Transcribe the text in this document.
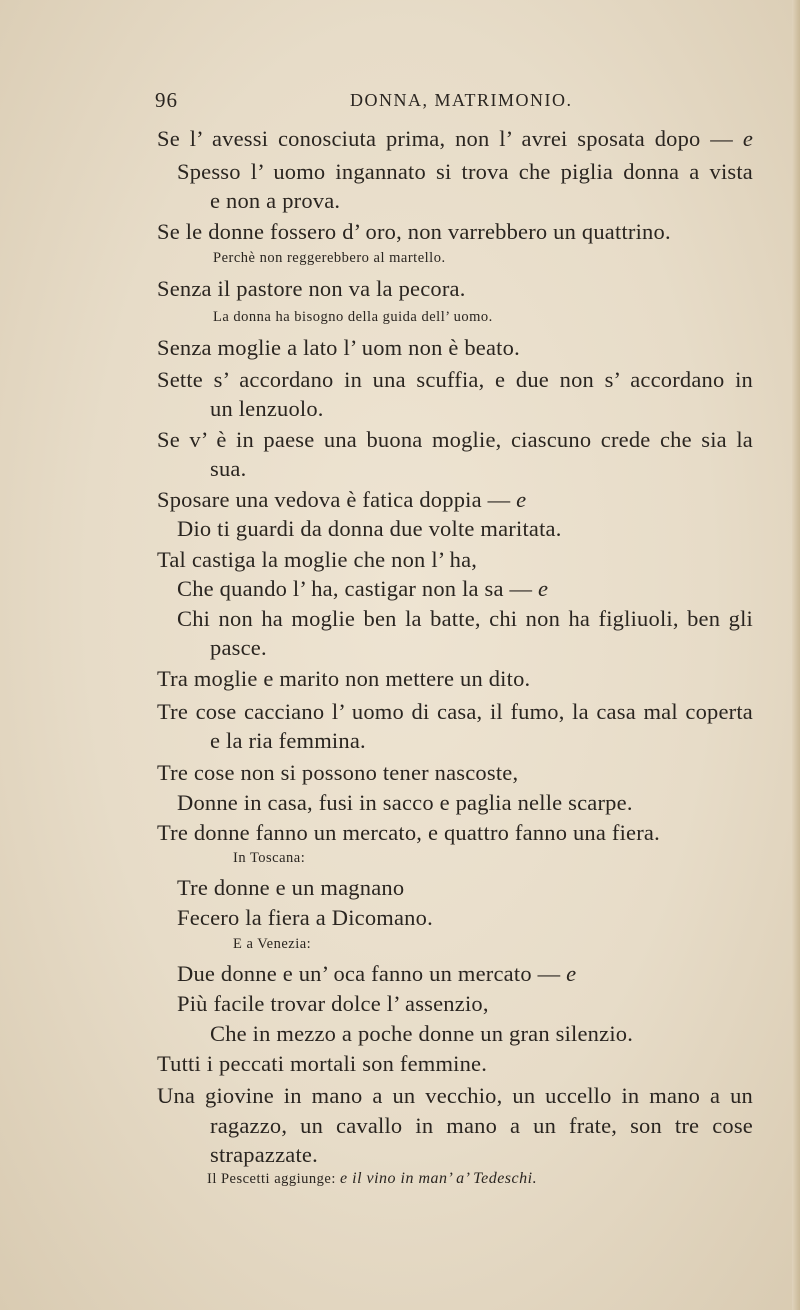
96	DONNA, MATRIMONIO.
Se l’ avessi conosciuta prima, non l’ avrei sposata dopo — e
Spesso l’ uomo ingannato si trova che piglia donna a vista
e non a prova.
Se le donne fossero d’ oro, non varrebbero un quattrino.
Perchè non reggerebbero al martello.
Senza il pastore non va la pecora.
La donna ha bisogno della guida dell’ uomo.
Senza moglie a lato l’ uom non è beato.
Sette s’ accordano in una scuffia, e due non s’ accordano in
un lenzuolo.
Se v’ è in paese una buona moglie, ciascuno crede che sia la
sua.
Sposare una vedova è fatica doppia — e
Dio ti guardi da donna due volte maritata.
Tal castiga la moglie che non l’ ha,
Che quando l’ ha, castigar non la sa — e
Chi non ha moglie ben la batte, chi non ha figliuoli, ben gli
pasce.
Tra moglie e marito non mettere un dito.
Tre cose cacciano l’ uomo di casa, il fumo, la casa mal coperta
e la ria femmina.
Tre cose non si possono tener nascoste,
Donne in casa, fusi in sacco e paglia nelle scarpe.
Tre donne fanno un mercato, e quattro fanno una fiera.
In Toscana:
Tre donne e un magnano
Fecero la fiera a Dicomano.
E a Venezia:
Due donne e un’ oca fanno un mercato — e
Più facile trovar dolce l’ assenzio,
Che in mezzo a poche donne un gran silenzio.
Tutti i peccati mortali son femmine.
Una giovine in mano a un vecchio, un uccello in mano a un
ragazzo, un cavallo in mano a un frate, son tre cose
strapazzate.
Il Pescetti aggiunge: e il vino in man’ a’ Tedeschi.
